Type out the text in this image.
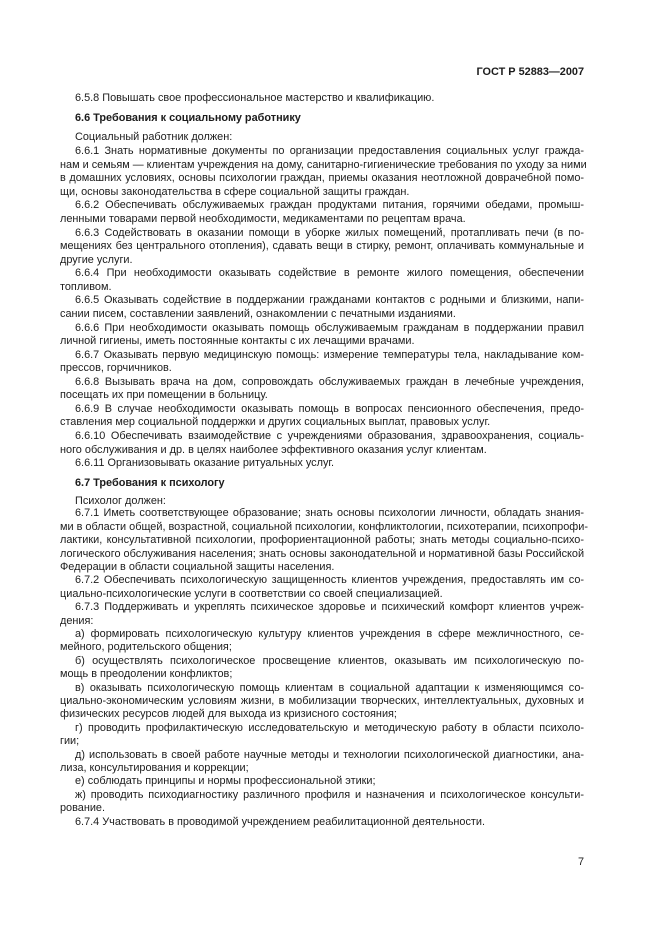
ГОСТ Р 52883—2007
6.5.8 Повышать свое профессиональное мастерство и квалификацию.
6.6 Требования к социальному работнику
Социальный работник должен:
6.6.1 Знать нормативные документы по организации предоставления социальных услуг гражда-
нам и семьям — клиентам учреждения на дому, санитарно-гигиенические требования по уходу за ними
в домашних условиях, основы психологии граждан, приемы оказания неотложной доврачебной помо-
щи, основы законодательства в сфере социальной защиты граждан.
6.6.2 Обеспечивать обслуживаемых граждан продуктами питания, горячими обедами, промыш-
ленными товарами первой необходимости, медикаментами по рецептам врача.
6.6.3 Содействовать в оказании помощи в уборке жилых помещений, протапливать печи (в по-
мещениях без центрального отопления), сдавать вещи в стирку, ремонт, оплачивать коммунальные и
другие услуги.
6.6.4 При необходимости оказывать содействие в ремонте жилого помещения, обеспечении
топливом.
6.6.5 Оказывать содействие в поддержании гражданами контактов с родными и близкими, напи-
сании писем, составлении заявлений, ознакомлении с печатными изданиями.
6.6.6 При необходимости оказывать помощь обслуживаемым гражданам в поддержании правил
личной гигиены, иметь постоянные контакты с их лечащими врачами.
6.6.7 Оказывать первую медицинскую помощь: измерение температуры тела, накладывание ком-
прессов, горчичников.
6.6.8 Вызывать врача на дом, сопровождать обслуживаемых граждан в лечебные учреждения,
посещать их при помещении в больницу.
6.6.9 В случае необходимости оказывать помощь в вопросах пенсионного обеспечения, предо-
ставления мер социальной поддержки и других социальных выплат, правовых услуг.
6.6.10 Обеспечивать взаимодействие с учреждениями образования, здравоохранения, социаль-
ного обслуживания и др. в целях наиболее эффективного оказания услуг клиентам.
6.6.11 Организовывать оказание ритуальных услуг.
6.7 Требования к психологу
Психолог должен:
6.7.1 Иметь соответствующее образование; знать основы психологии личности, обладать знания-
ми в области общей, возрастной, социальной психологии, конфликтологии, психотерапии, психопрофи-
лактики, консультативной психологии, профориентационной работы; знать методы социально-психо-
логического обслуживания населения; знать основы законодательной и нормативной базы Российской
Федерации в области социальной защиты населения.
6.7.2 Обеспечивать психологическую защищенность клиентов учреждения, предоставлять им со-
циально-психологические услуги в соответствии со своей специализацией.
6.7.3 Поддерживать и укреплять психическое здоровье и психический комфорт клиентов учреж-
дения:
а) формировать психологическую культуру клиентов учреждения в сфере межличностного, се-
мейного, родительского общения;
б) осуществлять психологическое просвещение клиентов, оказывать им психологическую по-
мощь в преодолении конфликтов;
в) оказывать психологическую помощь клиентам в социальной адаптации к изменяющимся со-
циально-экономическим условиям жизни, в мобилизации творческих, интеллектуальных, духовных и
физических ресурсов людей для выхода из кризисного состояния;
г) проводить профилактическую исследовательскую и методическую работу в области психоло-
гии;
д) использовать в своей работе научные методы и технологии психологической диагностики, ана-
лиза, консультирования и коррекции;
е) соблюдать принципы и нормы профессиональной этики;
ж) проводить психодиагностику различного профиля и назначения и психологическое консульти-
рование.
6.7.4 Участвовать в проводимой учреждением реабилитационной деятельности.
7
